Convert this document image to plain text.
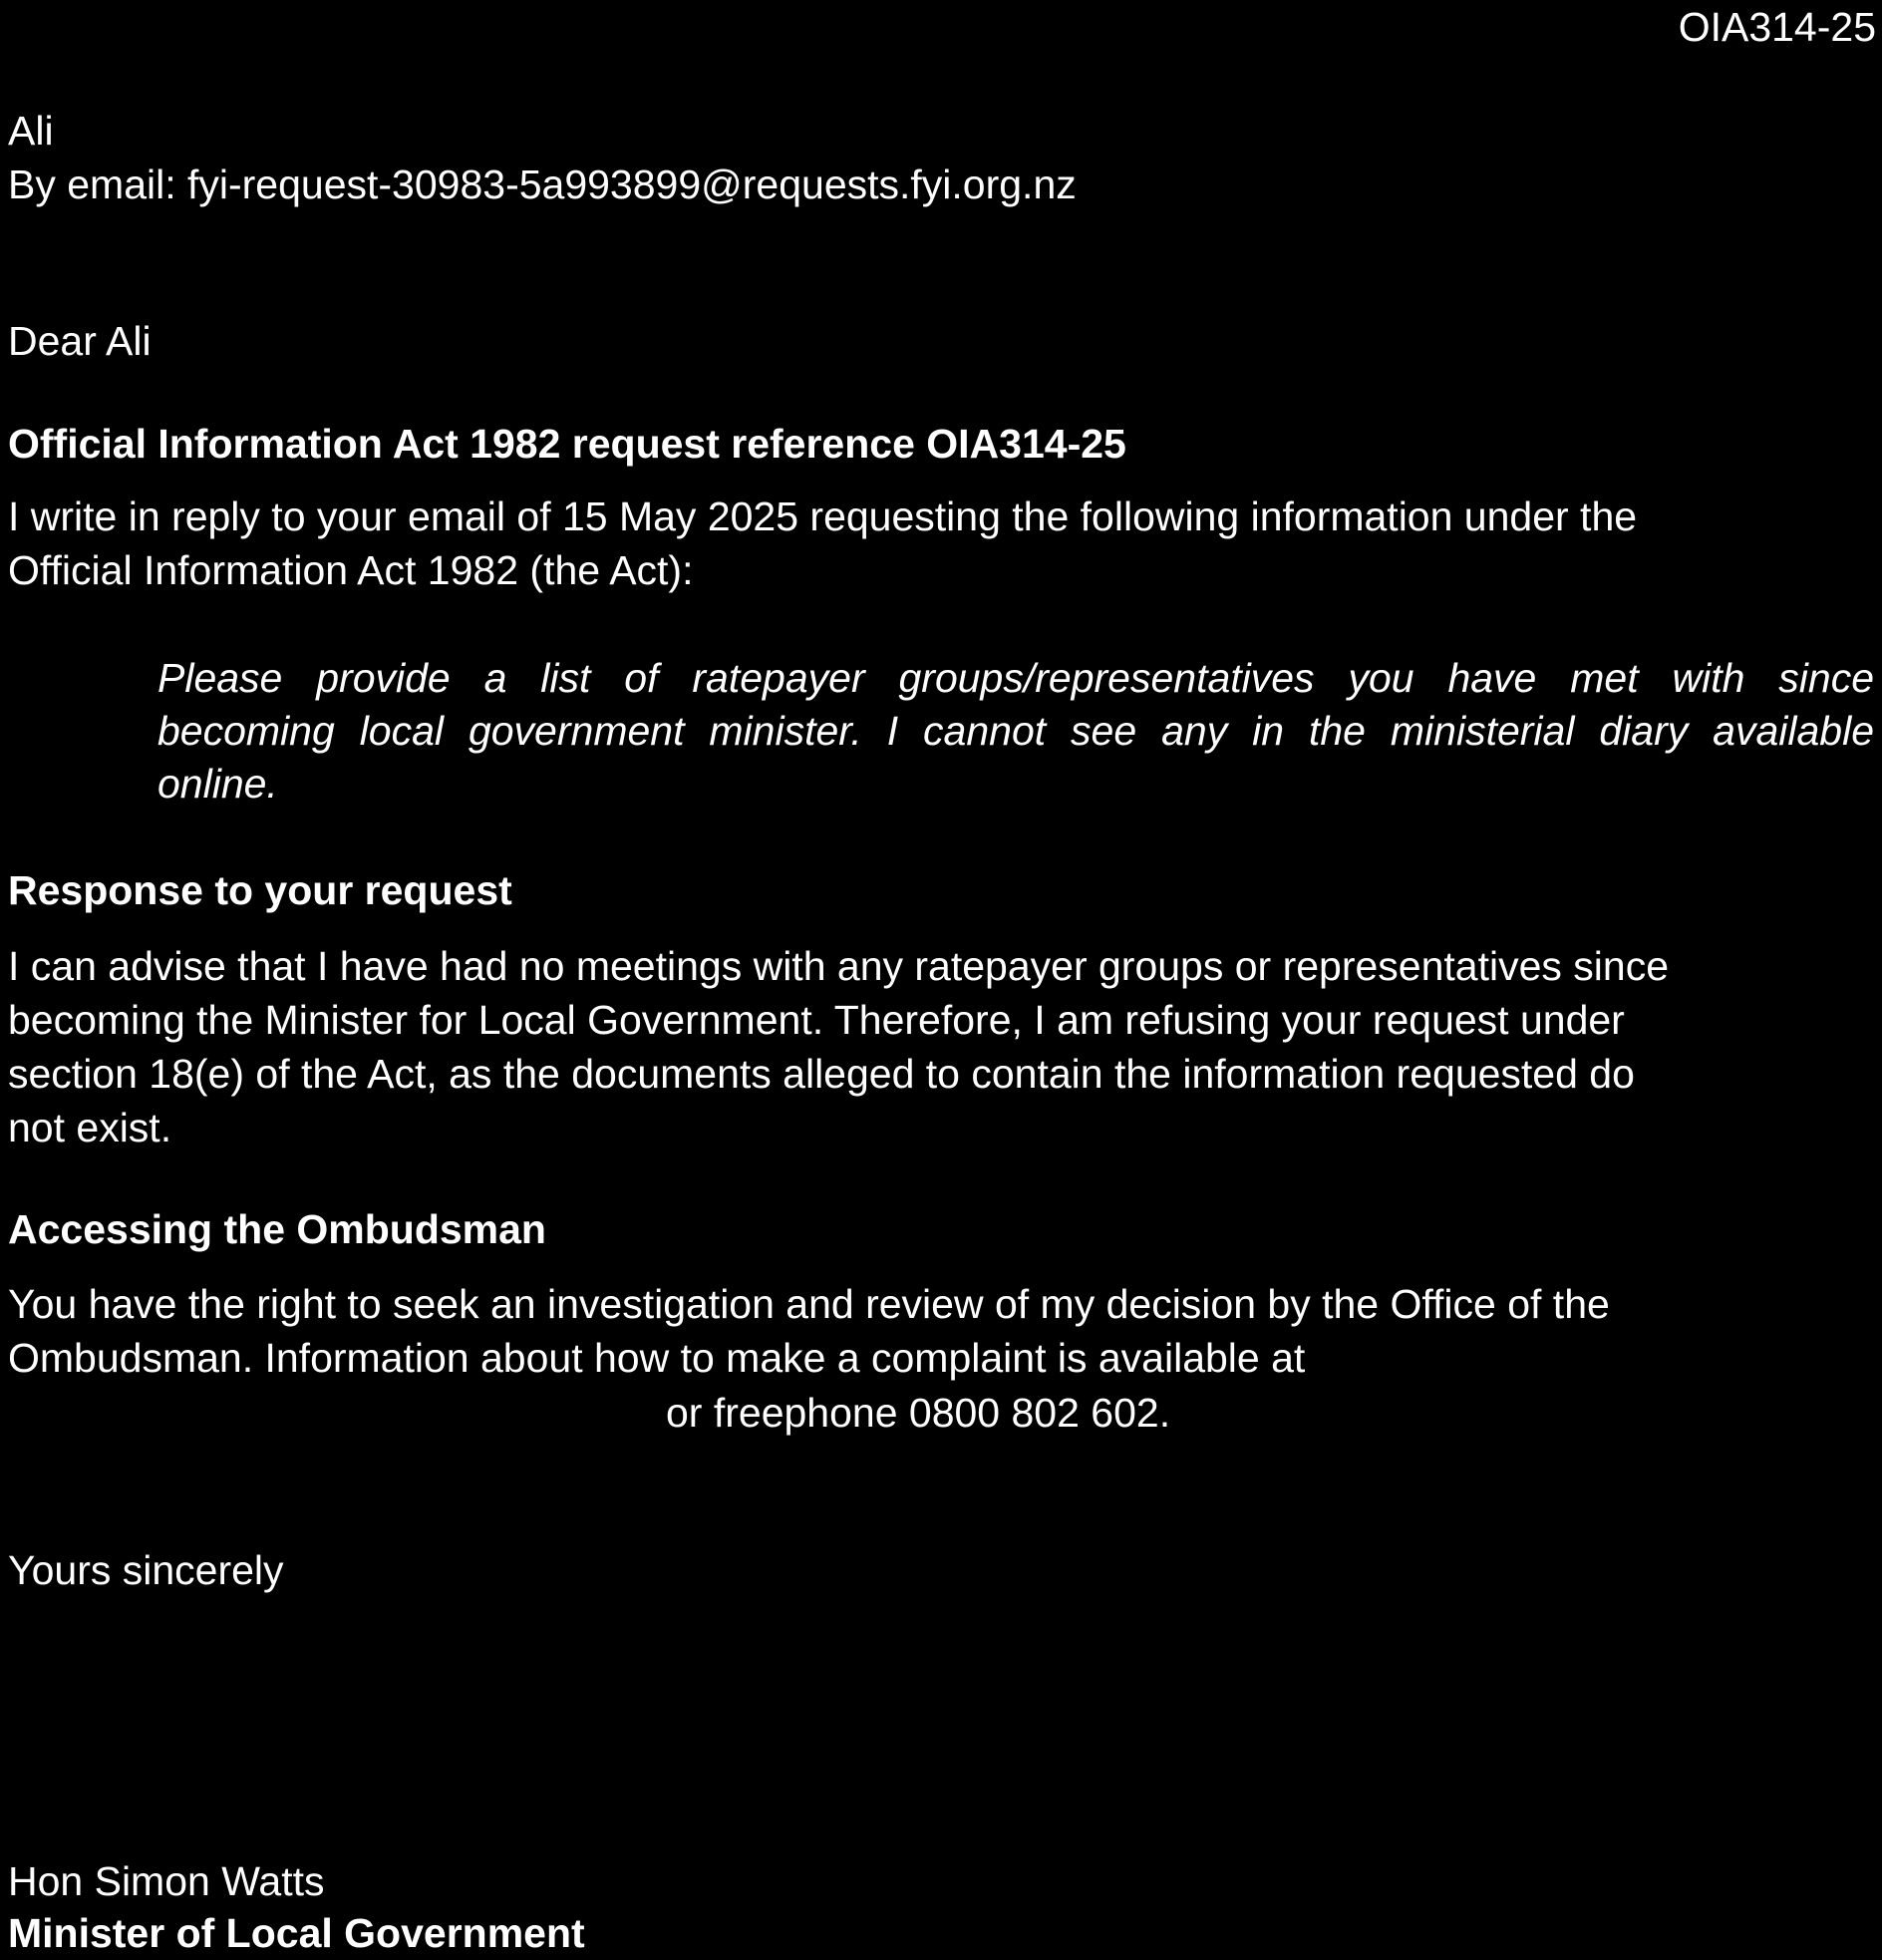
OIA314-25

Ali

By email: fyi-request-30983-5a993899@requests.fyi.org.nz

Dear Ali

Official Information Act 1982 request reference OIA314-25

I write in reply to your email of 15 May 2025 requesting the following information under the
Official Information Act 1982 (the Act):
Please provide a list of ratepayer groups/representatives you have met with since
becoming local government minister. I cannot see any in the ministerial diary available
online.

Response to your request

I can advise that I have had no meetings with any ratepayer groups or representatives since
becoming the Minister for Local Government. Therefore, I am refusing your request under
section 18(e) of the Act, as the documents alleged to contain the information requested do
not exist.

Accessing the Ombudsman

You have the right to seek an investigation and review of my decision by the Office of the
Ombudsman. Information about how to make a complaint is available at

or freephone 0800 802 602.

Yours sincerely

Hon Simon Watts

Minister of Local Government
